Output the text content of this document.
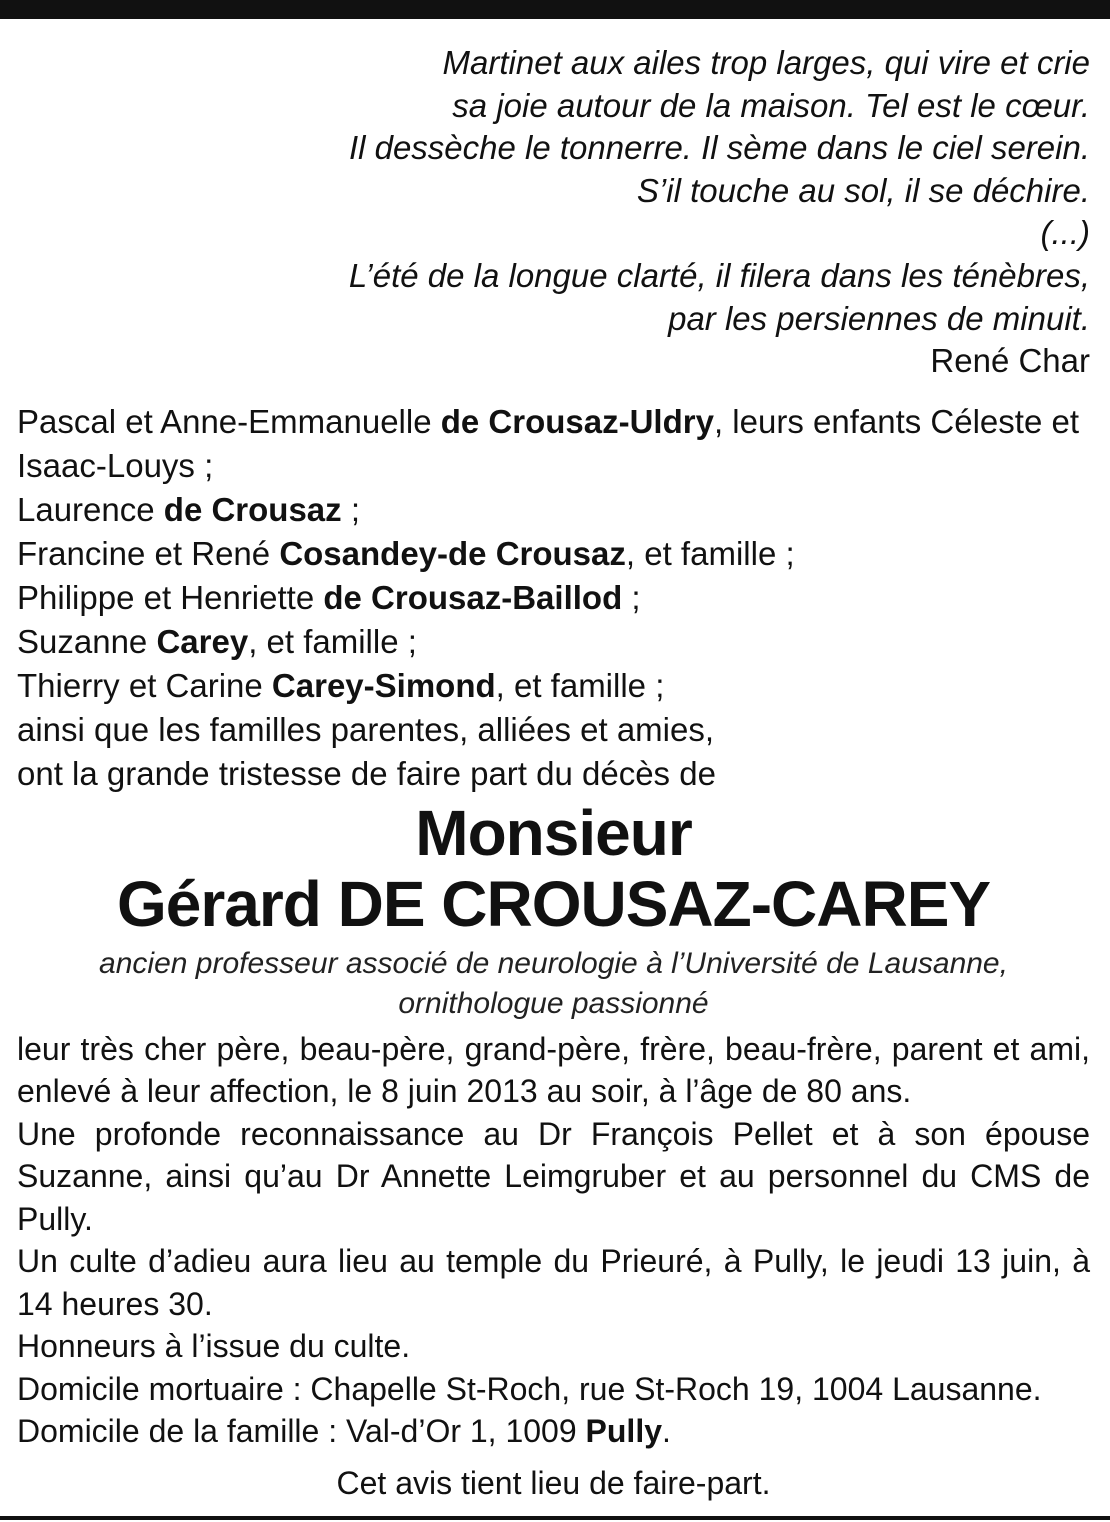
Martinet aux ailes trop larges, qui vire et crie
sa joie autour de la maison. Tel est le cœur.
Il dessèche le tonnerre. Il sème dans le ciel serein.
S’il touche au sol, il se déchire.
(...)
L’été de la longue clarté, il filera dans les ténèbres,
par les persiennes de minuit.
René Char
Pascal et Anne-Emmanuelle de Crousaz-Uldry, leurs enfants Céleste et Isaac-Louys ;
Laurence de Crousaz ;
Francine et René Cosandey-de Crousaz, et famille ;
Philippe et Henriette de Crousaz-Baillod ;
Suzanne Carey, et famille ;
Thierry et Carine Carey-Simond, et famille ;
ainsi que les familles parentes, alliées et amies,
ont la grande tristesse de faire part du décès de
Monsieur
Gérard DE CROUSAZ-CAREY
ancien professeur associé de neurologie à l’Université de Lausanne,
ornithologue passionné
leur très cher père, beau-père, grand-père, frère, beau-frère, parent et ami, enlevé à leur affection, le 8 juin 2013 au soir, à l’âge de 80 ans.
Une profonde reconnaissance au Dr François Pellet et à son épouse Suzanne, ainsi qu’au Dr Annette Leimgruber et au personnel du CMS de Pully.
Un culte d’adieu aura lieu au temple du Prieuré, à Pully, le jeudi 13 juin, à 14 heures 30.
Honneurs à l’issue du culte.
Domicile mortuaire : Chapelle St-Roch, rue St-Roch 19, 1004 Lausanne.
Domicile de la famille : Val-d’Or 1, 1009 Pully.
Cet avis tient lieu de faire-part.
